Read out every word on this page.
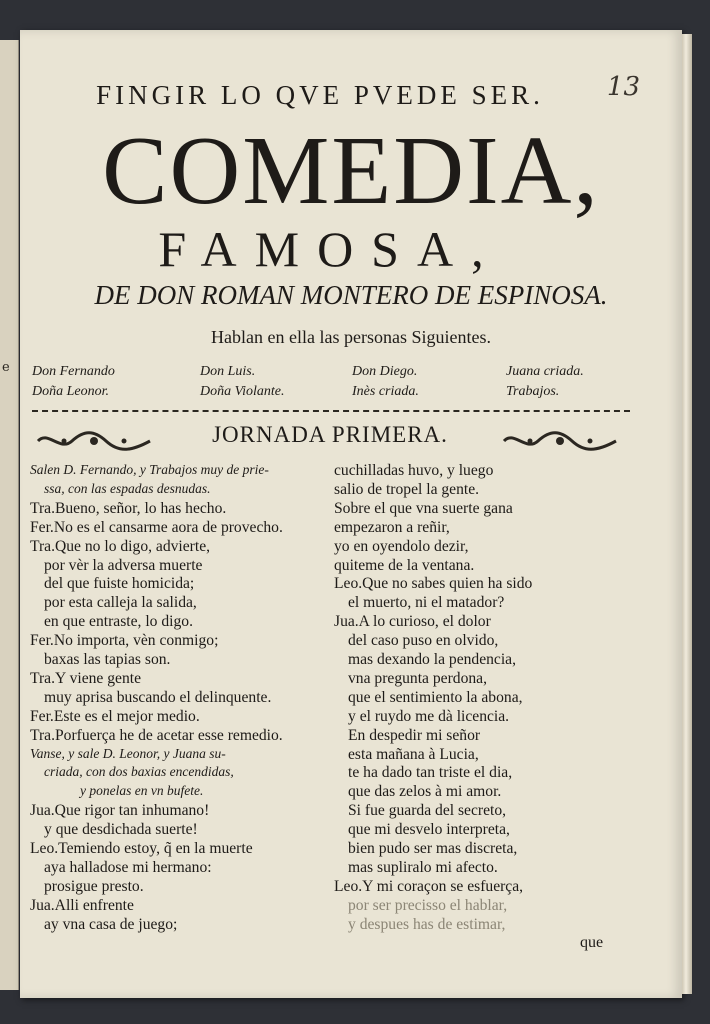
FINGIR LO QVE PVEDE SER.	13
COMEDIA,
FAMOSA,
DE DON ROMAN MONTERO DE ESPINOSA.
Hablan en ella las personas Siguientes.
Don Fernando
Doña Leonor.
Don Luis.
Doña Violante.
Don Diego.
Inès criada.
Juana criada.
Trabajos.
JORNADA PRIMERA.
Salen D. Fernando, y Trabajos muy de prie-
ssa, con las espadas desnudas.
Tra.Bueno, señor, lo has hecho.
Fer.No es el cansarme aora de provecho.
Tra.Que no lo digo, advierte,
por vèr la adversa muerte
del que fuiste homicida;
por esta calleja la salida,
en que entraste, lo digo.
Fer.No importa, vèn conmigo;
baxas las tapias son.
Tra.Y viene gente
muy aprisa buscando el delinquente.
Fer.Este es el mejor medio.
Tra.Porfuerça he de acetar esse remedio.
Vanse, y sale D. Leonor, y Juana su-
criada, con dos baxias encendidas,
y ponelas en vn bufete.
Jua.Que rigor tan inhumano!
y que desdichada suerte!
Leo.Temiendo estoy, q̃ en la muerte
aya halladose mi hermano:
prosigue presto.
Jua.Alli enfrente
ay vna casa de juego;
cuchilladas huvo, y luego
salio de tropel la gente.
Sobre el que vna suerte gana
empezaron a reñir,
yo en oyendolo dezir,
quiteme de la ventana.
Leo.Que no sabes quien ha sido
el muerto, ni el matador?
Jua.A lo curioso, el dolor
del caso puso en olvido,
mas dexando la pendencia,
vna pregunta perdona,
que el sentimiento la abona,
y el ruydo me dà licencia.
En despedir mi señor
esta mañana à Lucia,
te ha dado tan triste el dia,
que das zelos à mi amor.
Si fue guarda del secreto,
que mi desvelo interpreta,
bien pudo ser mas discreta,
mas supliralo mi afecto.
Leo.Y mi coraçon se esfuerça,
por ser precisso el hablar,
y despues has de estimar,
que
e
